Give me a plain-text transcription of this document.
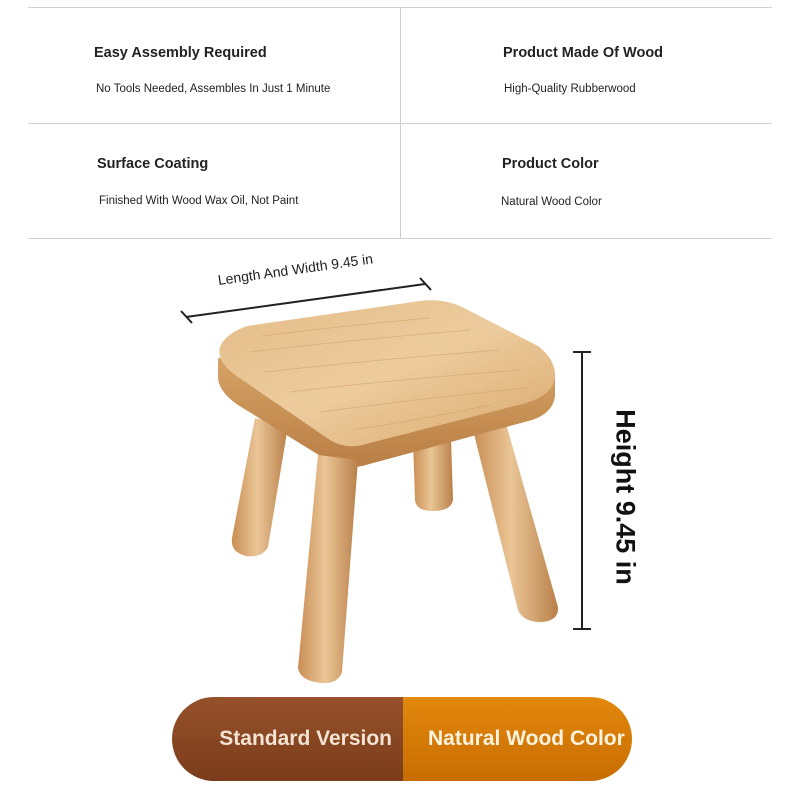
Easy Assembly Required
No Tools Needed, Assembles In Just 1 Minute
Product Made Of Wood
High-Quality Rubberwood
Surface Coating
Finished With Wood Wax Oil, Not Paint
Product Color
Natural Wood Color
Length And Width 9.45 in
Height 9.45 in
Standard Version Natural Wood Color
